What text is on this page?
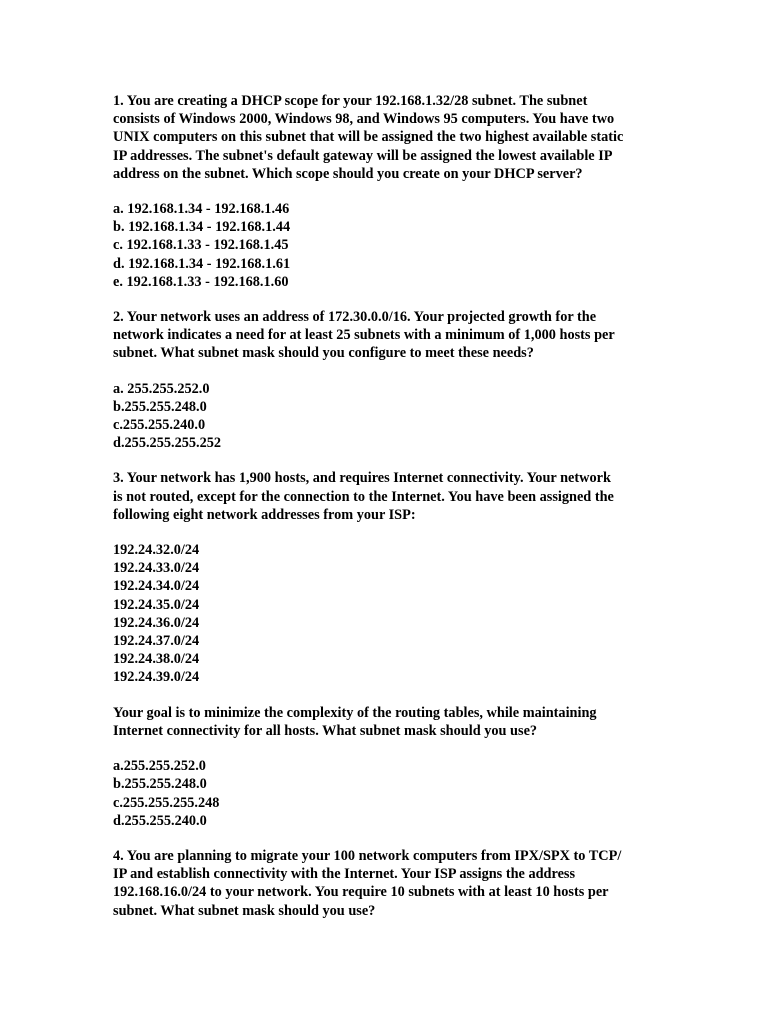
1. You are creating a DHCP scope for your 192.168.1.32/28 subnet. The subnet
consists of Windows 2000, Windows 98, and Windows 95 computers. You have two
UNIX computers on this subnet that will be assigned the two highest available static
IP addresses. The subnet's default gateway will be assigned the lowest available IP
address on the subnet. Which scope should you create on your DHCP server?
a. 192.168.1.34 - 192.168.1.46
b. 192.168.1.34 - 192.168.1.44
c. 192.168.1.33 - 192.168.1.45
d. 192.168.1.34 - 192.168.1.61
e. 192.168.1.33 - 192.168.1.60
2. Your network uses an address of 172.30.0.0/16. Your projected growth for the
network indicates a need for at least 25 subnets with a minimum of 1,000 hosts per
subnet. What subnet mask should you configure to meet these needs?
a. 255.255.252.0
b.255.255.248.0
c.255.255.240.0
d.255.255.255.252
3. Your network has 1,900 hosts, and requires Internet connectivity. Your network
is not routed, except for the connection to the Internet. You have been assigned the
following eight network addresses from your ISP:
192.24.32.0/24
192.24.33.0/24
192.24.34.0/24
192.24.35.0/24
192.24.36.0/24
192.24.37.0/24
192.24.38.0/24
192.24.39.0/24
Your goal is to minimize the complexity of the routing tables, while maintaining
Internet connectivity for all hosts. What subnet mask should you use?
a.255.255.252.0
b.255.255.248.0
c.255.255.255.248
d.255.255.240.0
4. You are planning to migrate your 100 network computers from IPX/SPX to TCP/
IP and establish connectivity with the Internet. Your ISP assigns the address
192.168.16.0/24 to your network. You require 10 subnets with at least 10 hosts per
subnet. What subnet mask should you use?
